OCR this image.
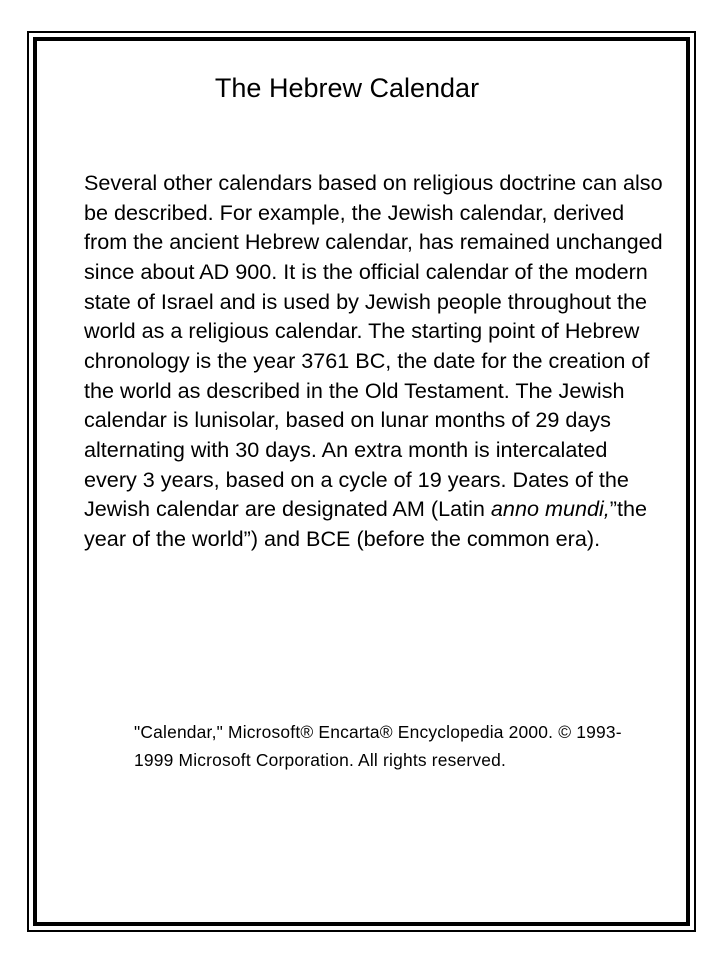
The Hebrew Calendar

Several other calendars based on religious doctrine can also be described. For example, the Jewish calendar, derived from the ancient Hebrew calendar, has remained unchanged since about AD 900. It is the official calendar of the modern state of Israel and is used by Jewish people throughout the world as a religious calendar. The starting point of Hebrew chronology is the year 3761 BC, the date for the creation of the world as described in the Old Testament. The Jewish calendar is lunisolar, based on lunar months of 29 days alternating with 30 days. An extra month is intercalated every 3 years, based on a cycle of 19 years. Dates of the Jewish calendar are designated AM (Latin anno mundi,”the year of the world”) and BCE (before the common era).

"Calendar," Microsoft® Encarta® Encyclopedia 2000. © 1993-1999 Microsoft Corporation. All rights reserved.
